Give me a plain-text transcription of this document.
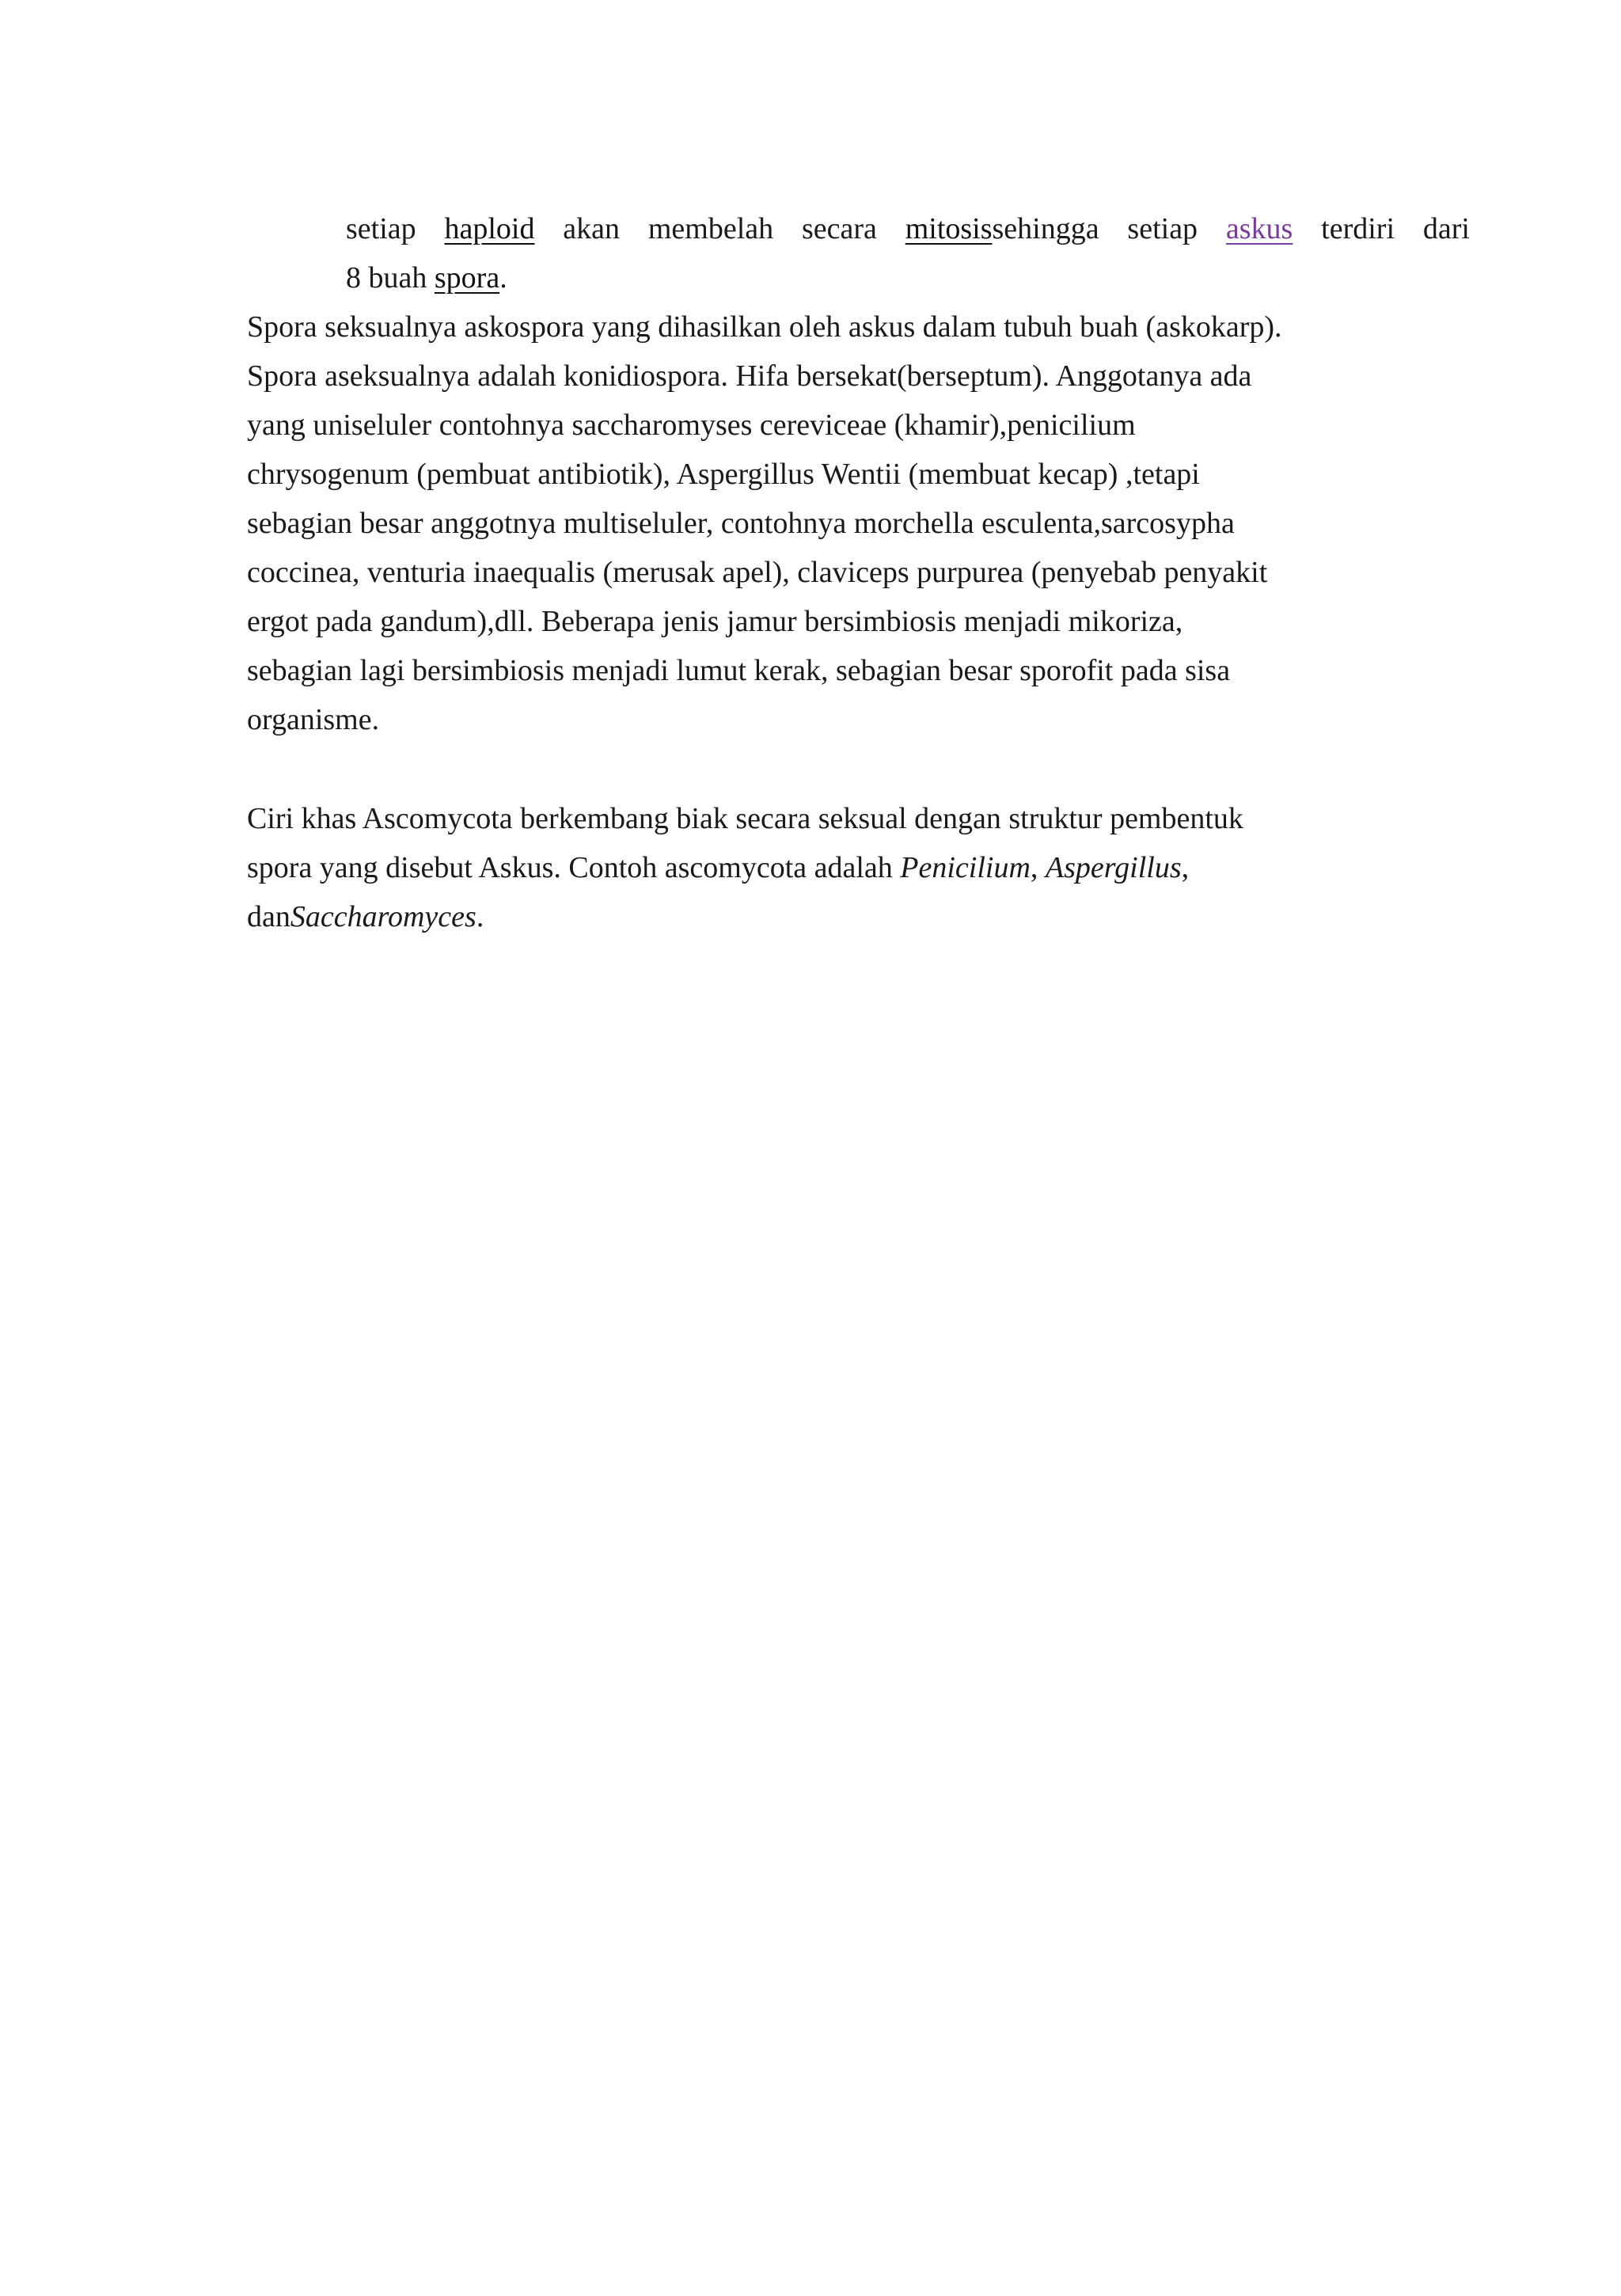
setiap haploid akan membelah secara mitosissehingga setiap askus terdiri dari
8 buah spora.
Spora seksualnya askospora yang dihasilkan oleh askus dalam tubuh buah (askokarp).
Spora aseksualnya adalah konidiospora. Hifa bersekat(berseptum). Anggotanya ada
yang uniseluler contohnya saccharomyses cereviceae (khamir),penicilium
chrysogenum (pembuat antibiotik), Aspergillus Wentii (membuat kecap) ,tetapi
sebagian besar anggotnya multiseluler, contohnya morchella esculenta,sarcosypha
coccinea, venturia inaequalis (merusak apel), claviceps purpurea (penyebab penyakit
ergot pada gandum),dll. Beberapa jenis jamur bersimbiosis menjadi mikoriza,
sebagian lagi bersimbiosis menjadi lumut kerak, sebagian besar sporofit pada sisa
organisme.
Ciri khas Ascomycota berkembang biak secara seksual dengan struktur pembentuk
spora yang disebut Askus. Contoh ascomycota adalah Penicilium, Aspergillus,
danSaccharomyces.
